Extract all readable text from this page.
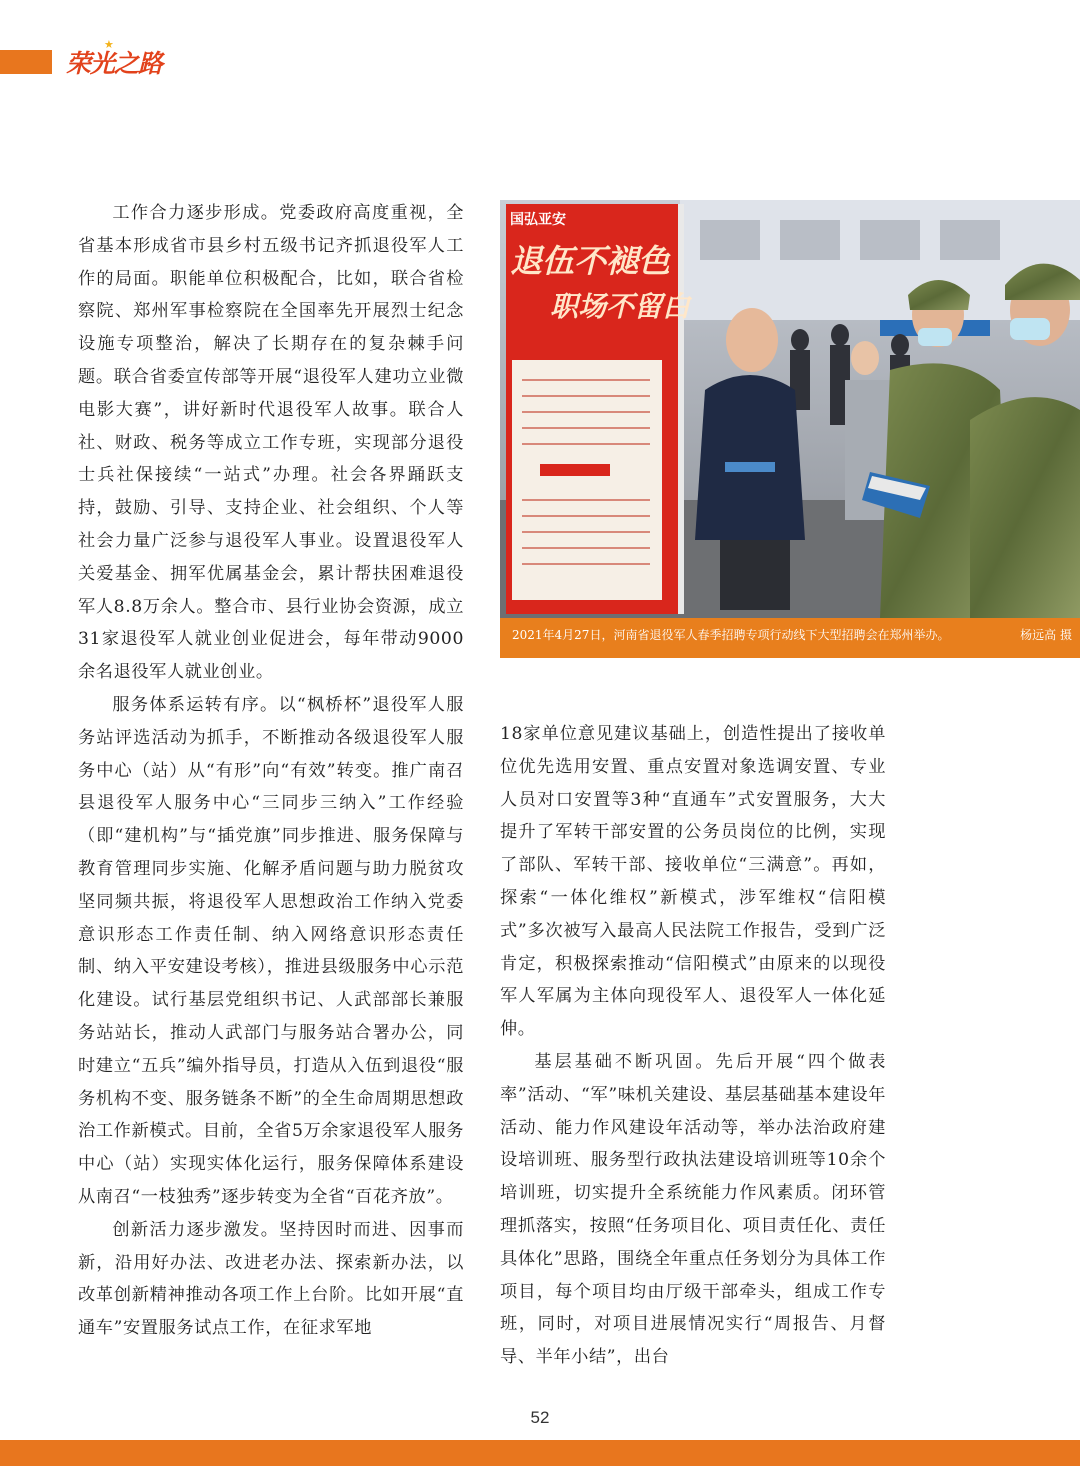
荣光之路
★

工作合力逐步形成。党委政府高度重视，全省基本形成省市县乡村五级书记齐抓退役军人工作的局面。职能单位积极配合，比如，联合省检察院、郑州军事检察院在全国率先开展烈士纪念设施专项整治，解决了长期存在的复杂棘手问题。联合省委宣传部等开展“退役军人建功立业微电影大赛”，讲好新时代退役军人故事。联合人社、财政、税务等成立工作专班，实现部分退役士兵社保接续“一站式”办理。社会各界踊跃支持，鼓励、引导、支持企业、社会组织、个人等社会力量广泛参与退役军人事业。设置退役军人关爱基金、拥军优属基金会，累计帮扶困难退役军人8.8万余人。整合市、县行业协会资源，成立31家退役军人就业创业促进会，每年带动9000余名退役军人就业创业。

服务体系运转有序。以“枫桥杯”退役军人服务站评选活动为抓手，不断推动各级退役军人服务中心（站）从“有形”向“有效”转变。推广南召县退役军人服务中心“三同步三纳入”工作经验（即“建机构”与“插党旗”同步推进、服务保障与教育管理同步实施、化解矛盾问题与助力脱贫攻坚同频共振，将退役军人思想政治工作纳入党委意识形态工作责任制、纳入网络意识形态责任制、纳入平安建设考核），推进县级服务中心示范化建设。试行基层党组织书记、人武部部长兼服务站站长，推动人武部门与服务站合署办公，同时建立“五兵”编外指导员，打造从入伍到退役“服务机构不变、服务链条不断”的全生命周期思想政治工作新模式。目前，全省5万余家退役军人服务中心（站）实现实体化运行，服务保障体系建设从南召“一枝独秀”逐步转变为全省“百花齐放”。

创新活力逐步激发。坚持因时而进、因事而新，沿用好办法、改进老办法、探索新办法，以改革创新精神推动各项工作上台阶。比如开展“直通车”安置服务试点工作，在征求军地

国弘亚安
退伍不褪色
职场不留白
2021年4月27日，河南省退役军人春季招聘专项行动线下大型招聘会在郑州举办。	杨远高 摄
18家单位意见建议基础上，创造性提出了接收单位优先选用安置、重点安置对象选调安置、专业人员对口安置等3种“直通车”式安置服务，大大提升了军转干部安置的公务员岗位的比例，实现了部队、军转干部、接收单位“三满意”。再如，探索“一体化维权”新模式，涉军维权“信阳模式”多次被写入最高人民法院工作报告，受到广泛肯定，积极探索推动“信阳模式”由原来的以现役军人军属为主体向现役军人、退役军人一体化延伸。

基层基础不断巩固。先后开展“四个做表率”活动、“军”味机关建设、基层基础基本建设年活动、能力作风建设年活动等，举办法治政府建设培训班、服务型行政执法建设培训班等10余个培训班，切实提升全系统能力作风素质。闭环管理抓落实，按照“任务项目化、项目责任化、责任具体化”思路，围绕全年重点任务划分为具体工作项目，每个项目均由厅级干部牵头，组成工作专班，同时，对项目进展情况实行“周报告、月督导、半年小结”，出台

52
